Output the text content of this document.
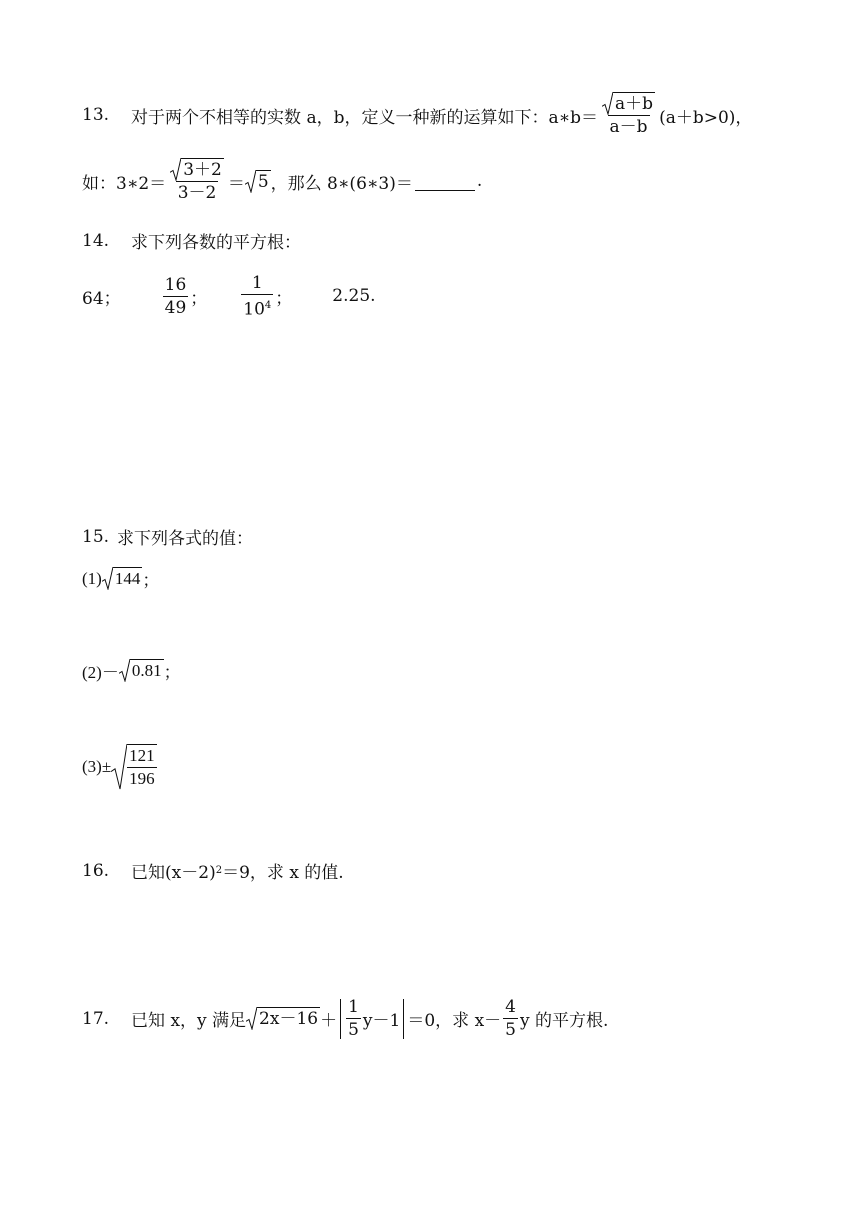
13. 对于两个不相等的实数 a，b，定义一种新的运算如下：a∗b＝ $\frac{a+b}{a-b} (a+b>0)$，
如：3∗2＝ $\frac{3+2}{3-2} = 5$ ，那么 8∗(6∗3)＝	.
14. 求下列各数的平方根：
64； $\frac{16}{49}$ ； $\frac{1}{10^4}$ ； 2.25.
15. 求下列各式的值：
(1) 144 ；
(2)－ 0.81 ；
$(3)\pm \frac{121}{196}$
16. 已知(x－2) 2 ＝9，求 x 的值.
17. 已知 x，y 满足 $2x-16 + \frac{1}{5} y-1 =0$，求 $x- \frac{4}{5}$ y 的平方根.
